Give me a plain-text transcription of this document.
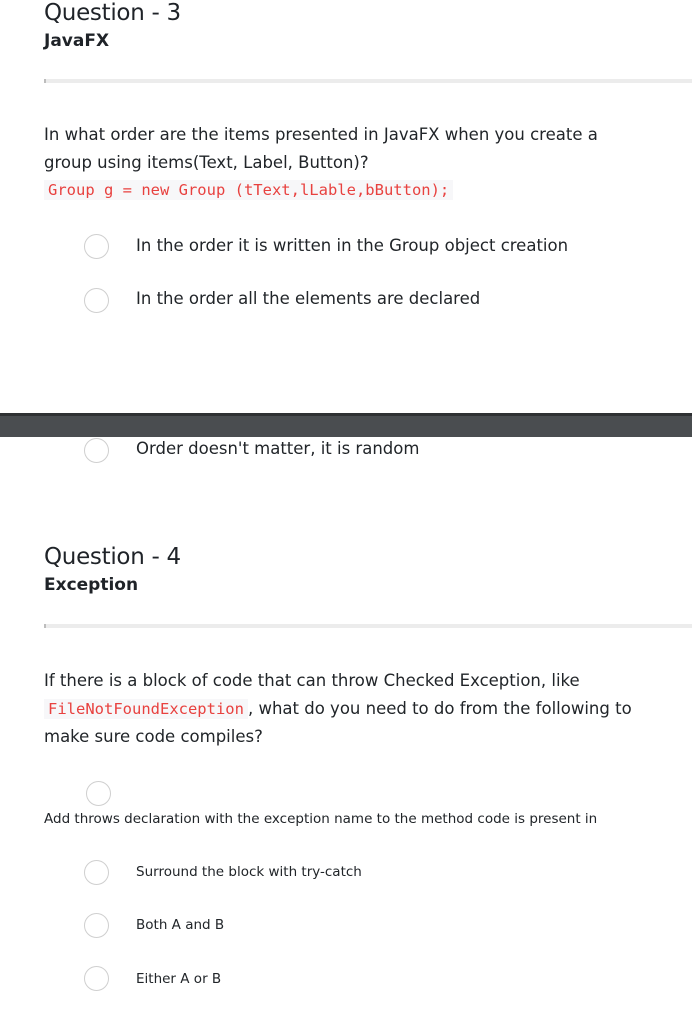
Question - 3
JavaFX
In what order are the items presented in JavaFX when you create a group using items(Text, Label, Button)?
Group g = new Group (tText,lLable,bButton);
In the order it is written in the Group object creation
In the order all the elements are declared
Order doesn't matter, it is random
Question - 4
Exception
If there is a block of code that can throw Checked Exception, like FileNotFoundException , what do you need to do from the following to make sure code compiles?
Add throws declaration with the exception name to the method code is present in
Surround the block with try-catch
Both A and B
Either A or B
